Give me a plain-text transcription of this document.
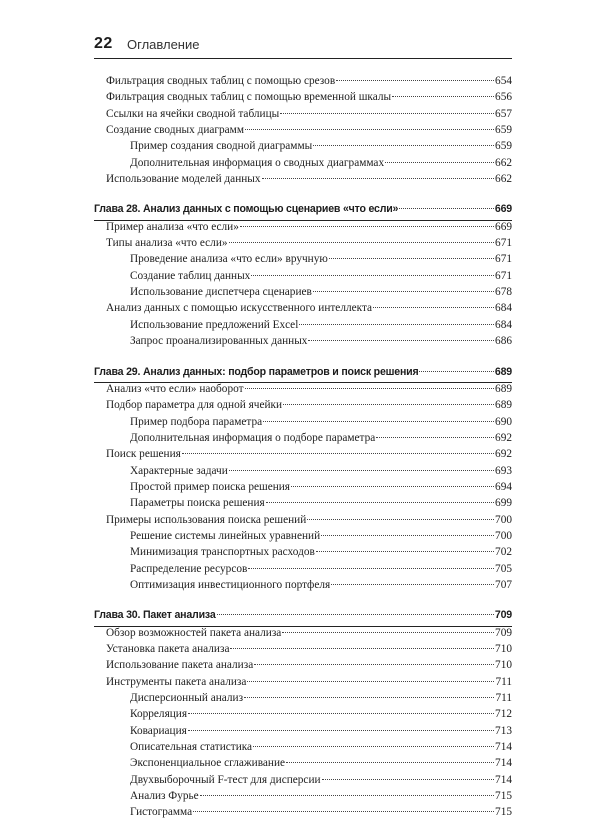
22 Оглавление
Фильтрация сводных таблиц с помощью срезов	654
Фильтрация сводных таблиц с помощью временной шкалы	656
Ссылки на ячейки сводной таблицы	657
Создание сводных диаграмм	659
Пример создания сводной диаграммы	659
Дополнительная информация о сводных диаграммах	662
Использование моделей данных	662
Глава 28. Анализ данных с помощью сценариев «что если»	669
Пример анализа «что если»	669
Типы анализа «что если»	671
Проведение анализа «что если» вручную	671
Создание таблиц данных	671
Использование диспетчера сценариев	678
Анализ данных с помощью искусственного интеллекта	684
Использование предложений Excel	684
Запрос проанализированных данных	686
Глава 29. Анализ данных: подбор параметров и поиск решения	689
Анализ «что если» наоборот	689
Подбор параметра для одной ячейки	689
Пример подбора параметра	690
Дополнительная информация о подборе параметра	692
Поиск решения	692
Характерные задачи	693
Простой пример поиска решения	694
Параметры поиска решения	699
Примеры использования поиска решений	700
Решение системы линейных уравнений	700
Минимизация транспортных расходов	702
Распределение ресурсов	705
Оптимизация инвестиционного портфеля	707
Глава 30. Пакет анализа	709
Обзор возможностей пакета анализа	709
Установка пакета анализа	710
Использование пакета анализа	710
Инструменты пакета анализа	711
Дисперсионный анализ	711
Корреляция	712
Ковариация	713
Описательная статистика	714
Экспоненциальное сглаживание	714
Двухвыборочный F-тест для дисперсии	714
Анализ Фурье	715
Гистограмма	715
